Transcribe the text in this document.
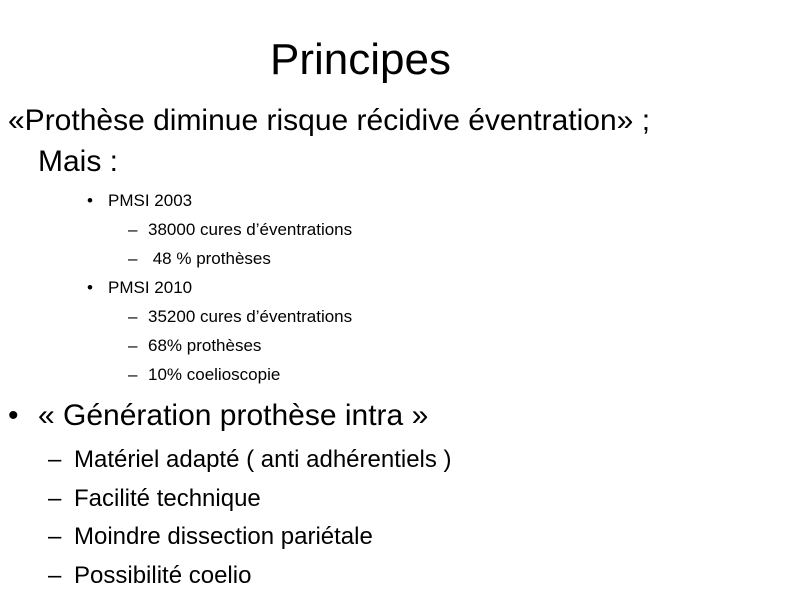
Principes
«Prothèse diminue risque récidive éventration» ;
Mais :
• PMSI 2003
– 38000 cures d’éventrations
– 48 % prothèses
• PMSI 2010
– 35200 cures d’éventrations
– 68% prothèses
– 10% coelioscopie
• « Génération prothèse intra »
– Matériel adapté ( anti adhérentiels )
– Facilité technique
– Moindre dissection pariétale
– Possibilité coelio
